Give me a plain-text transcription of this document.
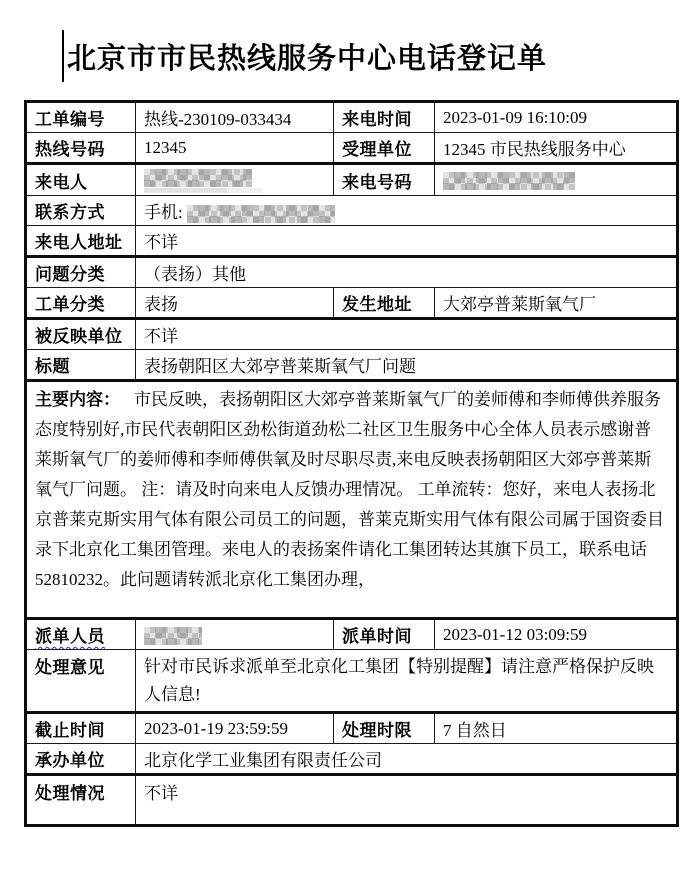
北京市市民热线服务中心电话登记单
工单编号	热线-230109-033434	来电时间	2023-01-09 16:10:09
热线号码	12345	受理单位	12345 市民热线服务中心
来电人		来电号码	
联系方式	手机:		
来电人地址	不详		
问题分类	（表扬）其他		
工单分类	表扬	发生地址	大郊亭普莱斯氧气厂
被反映单位	不详		
标题	表扬朝阳区大郊亭普莱斯氧气厂问题		
主要内容： 市民反映，表扬朝阳区大郊亭普莱斯氧气厂的姜师傅和李师傅供养服务态度特别好,市民代表朝阳区劲松街道劲松二社区卫生服务中心全体人员表示感谢普莱斯氧气厂的姜师傅和李师傅供氧及时尽职尽责,来电反映表扬朝阳区大郊亭普莱斯氧气厂问题。 注：请及时向来电人反馈办理情况。 工单流转：您好，来电人表扬北京普莱克斯实用气体有限公司员工的问题，普莱克斯实用气体有限公司属于国资委目录下北京化工集团管理。来电人的表扬案件请化工集团转达其旗下员工，联系电话 52810232。此问题请转派北京化工集团办理，			
派单人员		派单时间	2023-01-12 03:09:59
处理意见	针对市民诉求派单至北京化工集团【特别提醒】请注意严格保护反映人信息!		
截止时间	2023-01-19 23:59:59	处理时限	7 自然日
承办单位	北京化学工业集团有限责任公司		
处理情况	不详		
